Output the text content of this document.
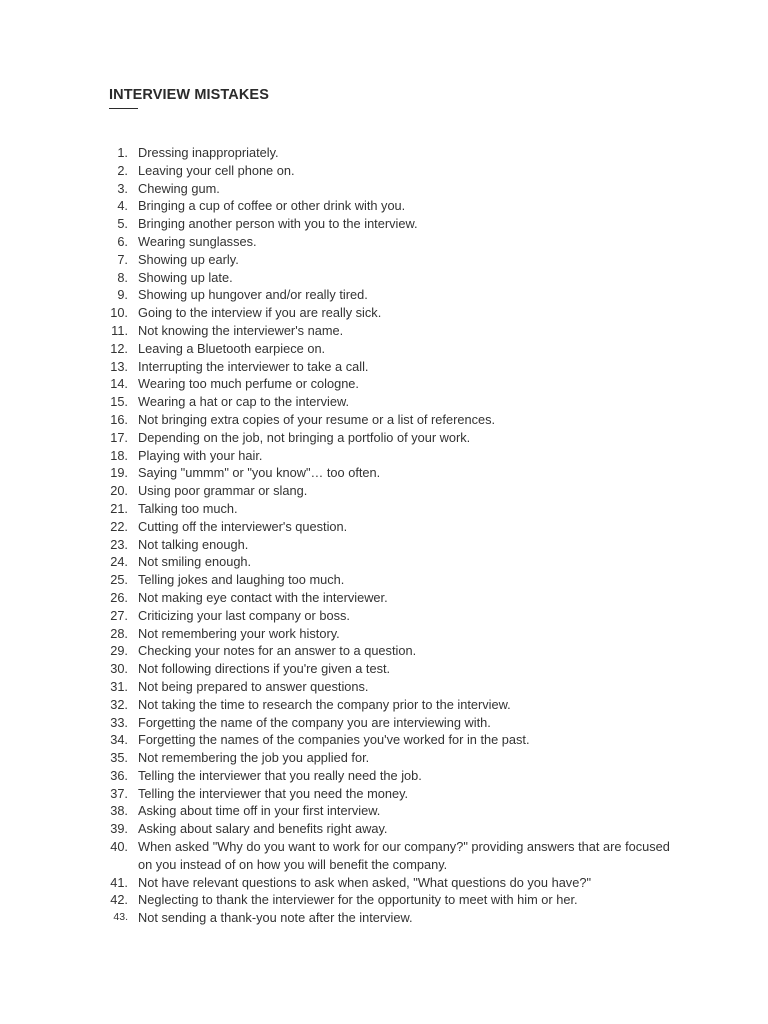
INTERVIEW MISTAKES
1. Dressing inappropriately.
2. Leaving your cell phone on.
3. Chewing gum.
4. Bringing a cup of coffee or other drink with you.
5. Bringing another person with you to the interview.
6. Wearing sunglasses.
7. Showing up early.
8. Showing up late.
9. Showing up hungover and/or really tired.
10. Going to the interview if you are really sick.
11. Not knowing the interviewer's name.
12. Leaving a Bluetooth earpiece on.
13. Interrupting the interviewer to take a call.
14. Wearing too much perfume or cologne.
15. Wearing a hat or cap to the interview.
16. Not bringing extra copies of your resume or a list of references.
17. Depending on the job, not bringing a portfolio of your work.
18. Playing with your hair.
19. Saying "ummm" or "you know"… too often.
20. Using poor grammar or slang.
21. Talking too much.
22. Cutting off the interviewer's question.
23. Not talking enough.
24. Not smiling enough.
25. Telling jokes and laughing too much.
26. Not making eye contact with the interviewer.
27. Criticizing your last company or boss.
28. Not remembering your work history.
29. Checking your notes for an answer to a question.
30. Not following directions if you're given a test.
31. Not being prepared to answer questions.
32. Not taking the time to research the company prior to the interview.
33. Forgetting the name of the company you are interviewing with.
34. Forgetting the names of the companies you've worked for in the past.
35. Not remembering the job you applied for.
36. Telling the interviewer that you really need the job.
37. Telling the interviewer that you need the money.
38. Asking about time off in your first interview.
39. Asking about salary and benefits right away.
40. When asked "Why do you want to work for our company?" providing answers that are focused on you instead of on how you will benefit the company.
41. Not have relevant questions to ask when asked, "What questions do you have?"
42. Neglecting to thank the interviewer for the opportunity to meet with him or her.
43. Not sending a thank-you note after the interview.
